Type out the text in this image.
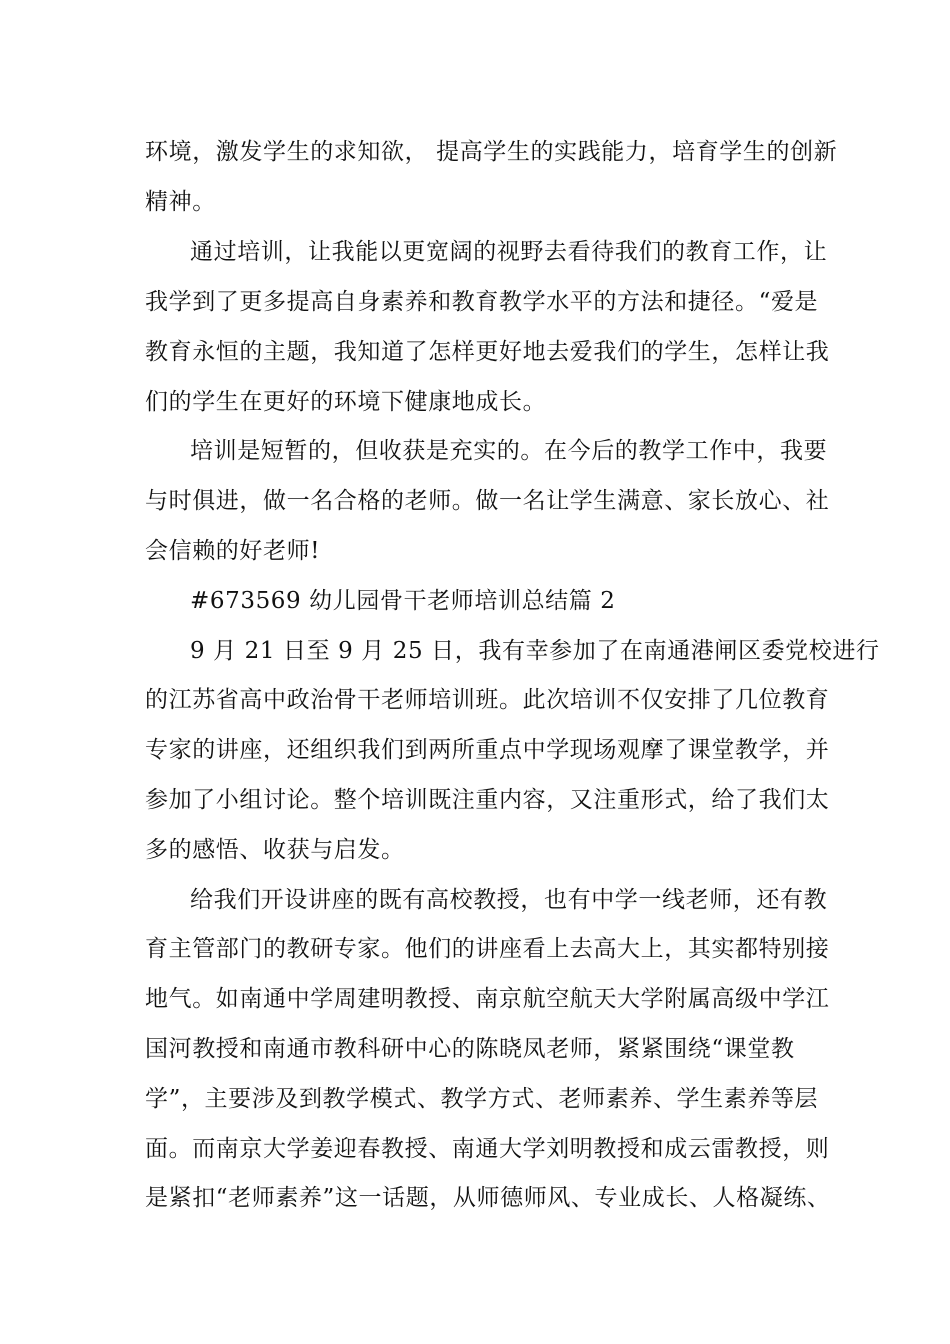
环境，激发学生的求知欲， 提高学生的实践能力，培育学生的创新
精神。
通过培训，让我能以更宽阔的视野去看待我们的教育工作，让
我学到了更多提高自身素养和教育教学水平的方法和捷径。“爱是
教育永恒的主题，我知道了怎样更好地去爱我们的学生，怎样让我
们的学生在更好的环境下健康地成长。
培训是短暂的，但收获是充实的。在今后的教学工作中，我要
与时俱进，做一名合格的老师。做一名让学生满意、家长放心、社
会信赖的好老师!
#673569 幼儿园骨干老师培训总结篇 2
9 月 21 日至 9 月 25 日，我有幸参加了在南通港闸区委党校进行
的江苏省高中政治骨干老师培训班。此次培训不仅安排了几位教育
专家的讲座，还组织我们到两所重点中学现场观摩了课堂教学，并
参加了小组讨论。整个培训既注重内容，又注重形式，给了我们太
多的感悟、收获与启发。
给我们开设讲座的既有高校教授，也有中学一线老师，还有教
育主管部门的教研专家。他们的讲座看上去高大上，其实都特别接
地气。如南通中学周建明教授、南京航空航天大学附属高级中学江
国河教授和南通市教科研中心的陈晓凤老师，紧紧围绕“课堂教
学”，主要涉及到教学模式、教学方式、老师素养、学生素养等层
面。而南京大学姜迎春教授、南通大学刘明教授和成云雷教授，则
是紧扣“老师素养”这一话题，从师德师风、专业成长、人格凝练、
